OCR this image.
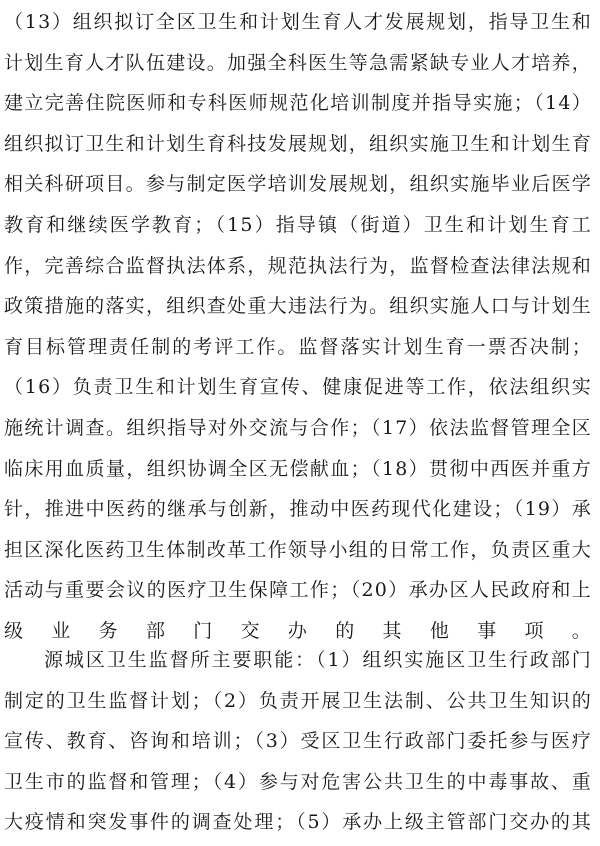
（13）组织拟订全区卫生和计划生育人才发展规划，指导卫生和计划生育人才队伍建设。加强全科医生等急需紧缺专业人才培养，建立完善住院医师和专科医师规范化培训制度并指导实施；（14）组织拟订卫生和计划生育科技发展规划，组织实施卫生和计划生育相关科研项目。参与制定医学培训发展规划，组织实施毕业后医学教育和继续医学教育；（15）指导镇（街道）卫生和计划生育工作，完善综合监督执法体系，规范执法行为，监督检查法律法规和政策措施的落实，组织查处重大违法行为。组织实施人口与计划生育目标管理责任制的考评工作。监督落实计划生育一票否决制；（16）负责卫生和计划生育宣传、健康促进等工作，依法组织实施统计调查。组织指导对外交流与合作；（17）依法监督管理全区临床用血质量，组织协调全区无偿献血；（18）贯彻中西医并重方针，推进中医药的继承与创新，推动中医药现代化建设；（19）承担区深化医药卫生体制改革工作领导小组的日常工作，负责区重大活动与重要会议的医疗卫生保障工作；（20）承办区人民政府和上级业务部门交办的其他事项。

源城区卫生监督所主要职能：（1）组织实施区卫生行政部门制定的卫生监督计划；（2）负责开展卫生法制、公共卫生知识的宣传、教育、咨询和培训；（3）受区卫生行政部门委托参与医疗卫生市的监督和管理；（4）参与对危害公共卫生的中毒事故、重大疫情和突发事件的调查处理；（5）承办上级主管部门交办的其
